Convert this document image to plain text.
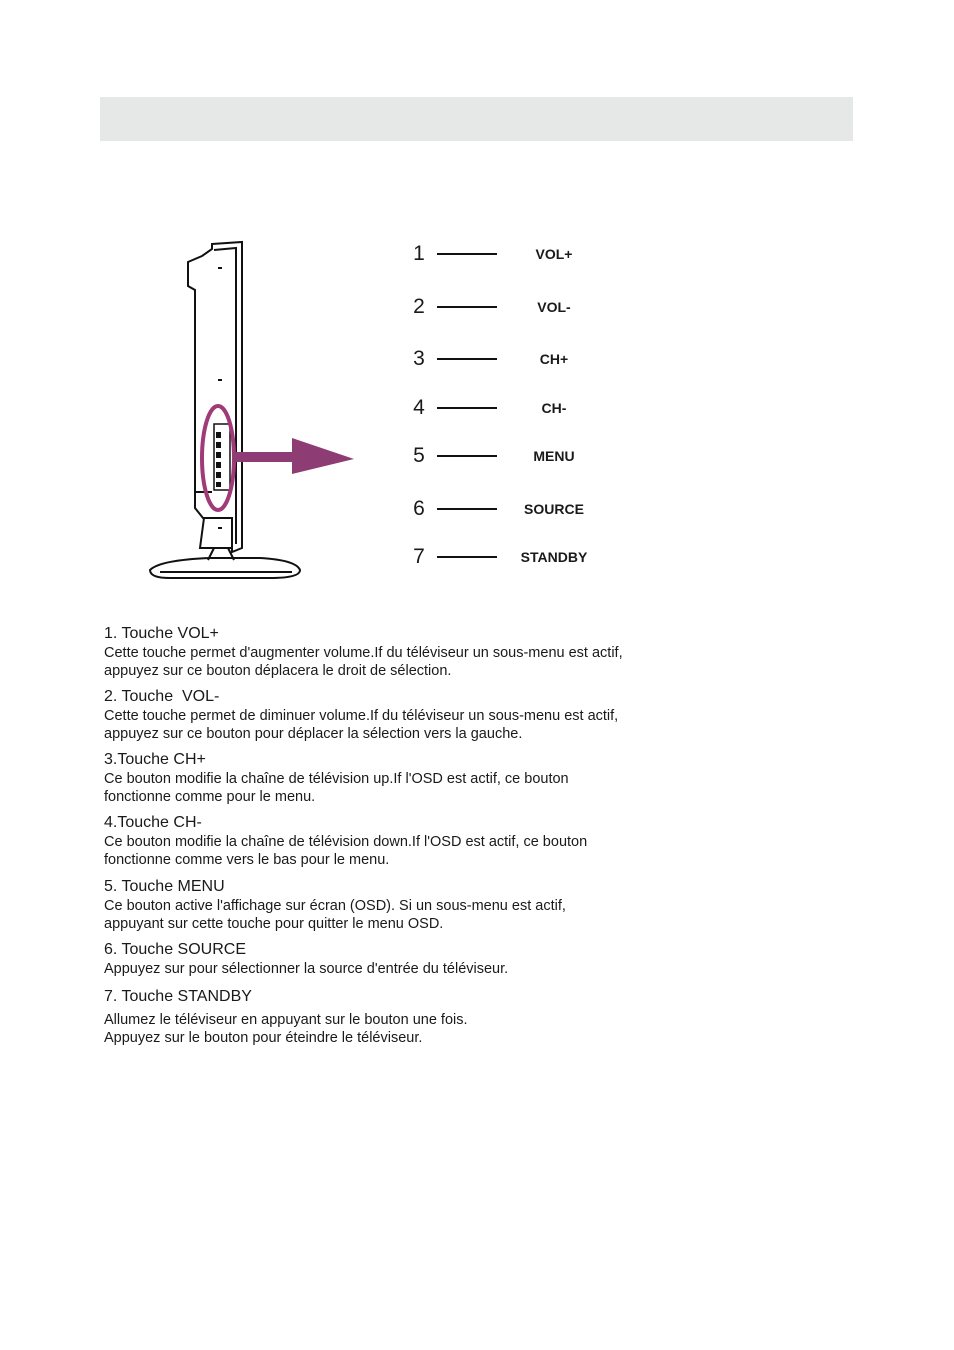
1	VOL+
2	VOL-
3	CH+
4	CH-
5	MENU
6	SOURCE
7	STANDBY
1. Touche VOL+

Cette touche permet d'augmenter volume.If du téléviseur un sous-menu est actif,

appuyez sur ce bouton déplacera le droit de sélection.

2. Touche  VOL-

Cette touche permet de diminuer volume.If du téléviseur un sous-menu est actif,

appuyez sur ce bouton pour déplacer la sélection vers la gauche.

3.Touche CH+

Ce bouton modifie la chaîne de télévision up.If l'OSD est actif, ce bouton

fonctionne comme pour le menu.

4.Touche CH-

Ce bouton modifie la chaîne de télévision down.If l'OSD est actif, ce bouton

fonctionne comme vers le bas pour le menu.

5. Touche MENU

Ce bouton active l'affichage sur écran (OSD). Si un sous-menu est actif,

appuyant sur cette touche pour quitter le menu OSD.

6. Touche SOURCE

Appuyez sur pour sélectionner la source d'entrée du téléviseur.

7. Touche STANDBY

Allumez le téléviseur en appuyant sur le bouton une fois.

Appuyez sur le bouton pour éteindre le téléviseur.
